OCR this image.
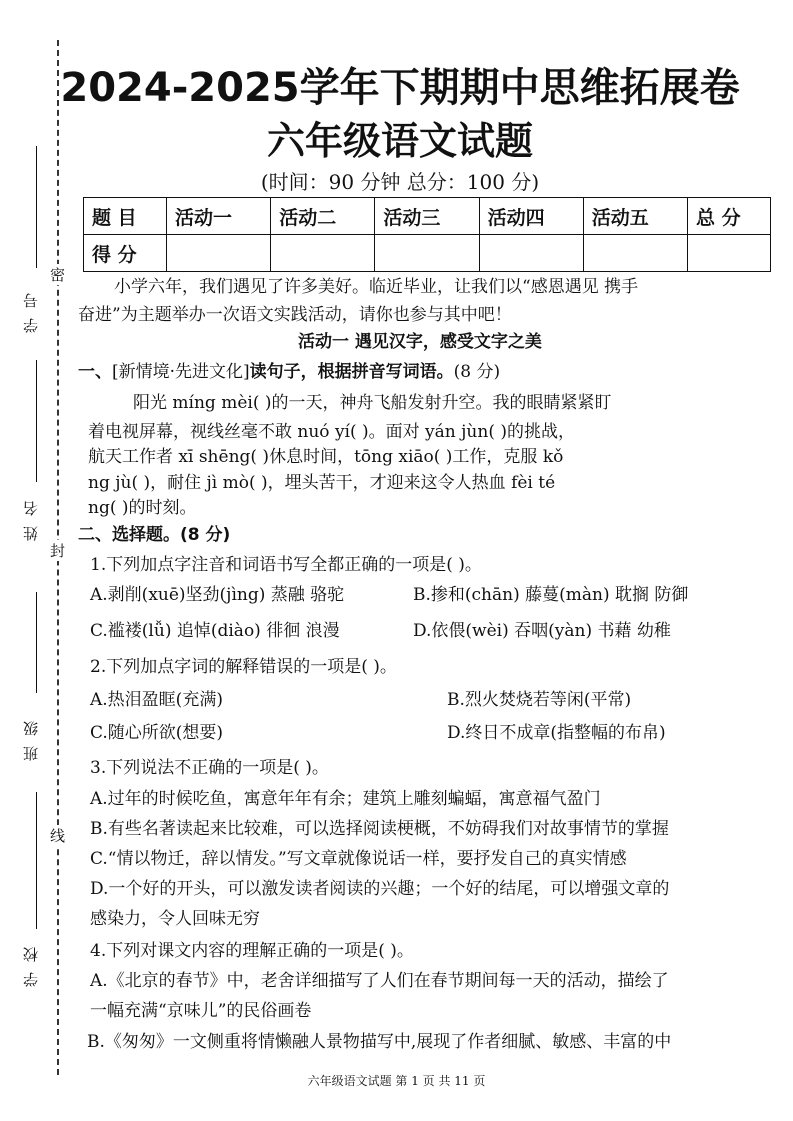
学号
姓名
班级
学校
密
封
线
2024-2025学年下期期中思维拓展卷
六年级语文试题
(时间：90 分钟 总分：100 分)
题 目	活动一	活动二	活动三	活动四	活动五	总 分
得 分						
小学六年，我们遇见了许多美好。临近毕业，让我们以“感恩遇见 携手
奋进”为主题举办一次语文实践活动，请你也参与其中吧！
活动一 遇见汉字，感受文字之美
一、[新情境·先进文化]读句子，根据拼音写词语。(8 分)
阳光 míng mèi( )的一天，神舟飞船发射升空。我的眼睛紧紧盯
着电视屏幕，视线丝毫不敢 nuó yí( )。面对 yán jùn( )的挑战，
航天工作者 xī shēng( )休息时间，tōng xiāo( )工作，克服 kǒ
ng jù( )，耐住 jì mò( )，埋头苦干，才迎来这令人热血 fèi té
ng( )的时刻。
二、选择题。(8 分)
1.下列加点字注音和词语书写全都正确的一项是( )。
A.剥削(xuē)坚劲(jìng) 蒸融 骆驼	B.掺和(chān) 藤蔓(màn) 耽搁 防御
C.褴褛(lǚ) 追悼(diào) 徘徊 浪漫	D.依偎(wèi) 吞咽(yàn) 书藉 幼稚
2.下列加点字词的解释错误的一项是( )。
A.热泪盈眶(充满)	B.烈火焚烧若等闲(平常)
C.随心所欲(想要)	D.终日不成章(指整幅的布帛)
3.下列说法不正确的一项是( )。
A.过年的时候吃鱼，寓意年年有余；建筑上雕刻蝙蝠，寓意福气盈门
B.有些名著读起来比较难，可以选择阅读梗概，不妨碍我们对故事情节的掌握
C.“情以物迁，辞以情发。”写文章就像说话一样，要抒发自己的真实情感
D.一个好的开头，可以激发读者阅读的兴趣；一个好的结尾，可以增强文章的
感染力，令人回味无穷
4.下列对课文内容的理解正确的一项是( )。
A.《北京的春节》中，老舍详细描写了人们在春节期间每一天的活动，描绘了
一幅充满“京味儿”的民俗画卷
B.《匆匆》一文侧重将情懒融人景物描写中,展现了作者细腻、敏感、丰富的中
六年级语文试题 第 1 页 共 11 页
